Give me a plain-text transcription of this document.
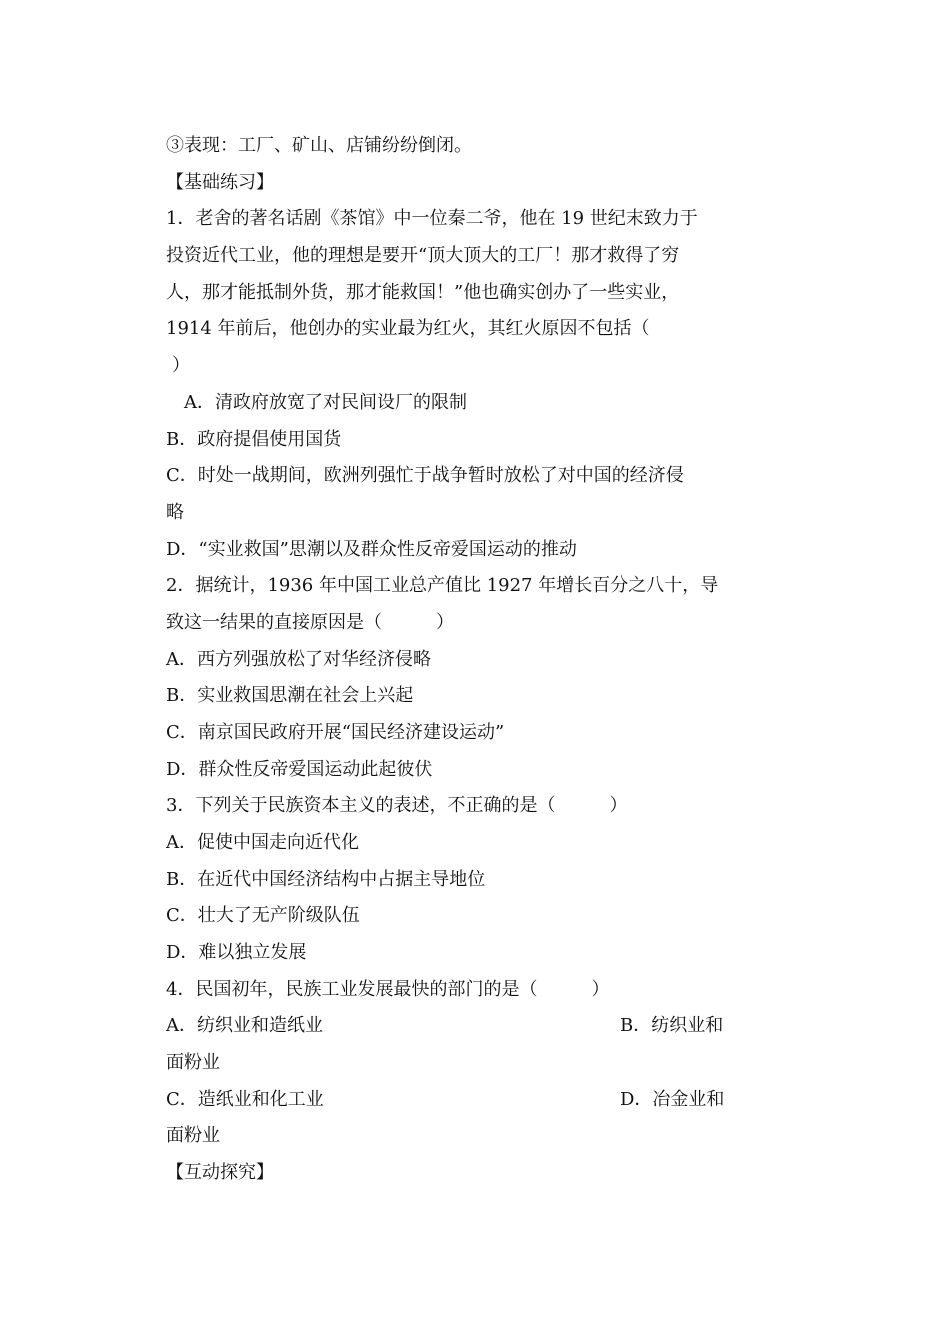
③表现：工厂、矿山、店铺纷纷倒闭。
【基础练习】
1．老舍的著名话剧《茶馆》中一位秦二爷，他在 19 世纪末致力于
投资近代工业，他的理想是要开“顶大顶大的工厂！那才救得了穷
人，那才能抵制外货，那才能救国！”他也确实创办了一些实业，
1914 年前后，他创办的实业最为红火，其红火原因不包括（
）
A．清政府放宽了对民间设厂的限制
B．政府提倡使用国货
C．时处一战期间，欧洲列强忙于战争暂时放松了对中国的经济侵
略
D．“实业救国”思潮以及群众性反帝爱国运动的推动
2．据统计，1936 年中国工业总产值比 1927 年增长百分之八十，导
致这一结果的直接原因是（　　　）
A．西方列强放松了对华经济侵略
B．实业救国思潮在社会上兴起
C．南京国民政府开展“国民经济建设运动”
D．群众性反帝爱国运动此起彼伏
3．下列关于民族资本主义的表述，不正确的是（　　　）
A．促使中国走向近代化
B．在近代中国经济结构中占据主导地位
C．壮大了无产阶级队伍
D．难以独立发展
4．民国初年，民族工业发展最快的部门的是（　　　）
A．纺织业和造纸业	B．纺织业和
面粉业
C．造纸业和化工业	D．冶金业和
面粉业
【互动探究】
